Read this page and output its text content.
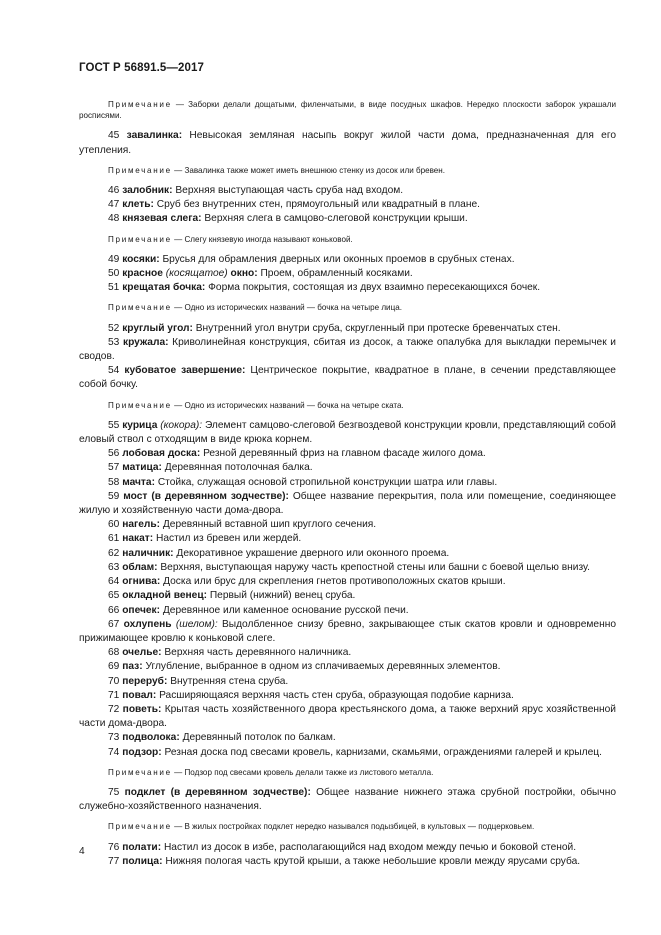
ГОСТ Р 56891.5—2017

Примечание — Заборки делали дощатыми, филенчатыми, в виде посудных шкафов. Нередко плоскости заборок украшали росписями.

45 завалинка: Невысокая земляная насыпь вокруг жилой части дома, предназначенная для его утепления.

Примечание — Завалинка также может иметь внешнюю стенку из досок или бревен.

46 залобник: Верхняя выступающая часть сруба над входом.

47 клеть: Сруб без внутренних стен, прямоугольный или квадратный в плане.

48 князевая слега: Верхняя слега в самцово-слеговой конструкции крыши.

Примечание — Слегу князевую иногда называют коньковой.

49 косяки: Брусья для обрамления дверных или оконных проемов в срубных стенах.

50 красное (косящатое) окно: Проем, обрамленный косяками.

51 крещатая бочка: Форма покрытия, состоящая из двух взаимно пересекающихся бочек.

Примечание — Одно из исторических названий — бочка на четыре лица.

52 круглый угол: Внутренний угол внутри сруба, скругленный при протеске бревенчатых стен.

53 кружала: Криволинейная конструкция, сбитая из досок, а также опалубка для выкладки перемычек и сводов.

54 кубоватое завершение: Центрическое покрытие, квадратное в плане, в сечении представляющее собой бочку.

Примечание — Одно из исторических названий — бочка на четыре ската.

55 курица (кокора): Элемент самцово-слеговой безгвоздевой конструкции кровли, представляющий собой еловый ствол с отходящим в виде крюка корнем.

56 лобовая доска: Резной деревянный фриз на главном фасаде жилого дома.

57 матица: Деревянная потолочная балка.

58 мачта: Стойка, служащая основой стропильной конструкции шатра или главы.

59 мост (в деревянном зодчестве): Общее название перекрытия, пола или помещение, соединяющее жилую и хозяйственную части дома-двора.

60 нагель: Деревянный вставной шип круглого сечения.

61 накат: Настил из бревен или жердей.

62 наличник: Декоративное украшение дверного или оконного проема.

63 облам: Верхняя, выступающая наружу часть крепостной стены или башни с боевой щелью внизу.

64 огнива: Доска или брус для скрепления гнетов противоположных скатов крыши.

65 окладной венец: Первый (нижний) венец сруба.

66 опечек: Деревянное или каменное основание русской печи.

67 охлупень (шелом): Выдолбленное снизу бревно, закрывающее стык скатов кровли и одновременно прижимающее кровлю к коньковой слеге.

68 очелье: Верхняя часть деревянного наличника.

69 паз: Углубление, выбранное в одном из сплачиваемых деревянных элементов.

70 переруб: Внутренняя стена сруба.

71 повал: Расширяющаяся верхняя часть стен сруба, образующая подобие карниза.

72 поветь: Крытая часть хозяйственного двора крестьянского дома, а также верхний ярус хозяйственной части дома-двора.

73 подволока: Деревянный потолок по балкам.

74 подзор: Резная доска под свесами кровель, карнизами, скамьями, ограждениями галерей и крылец.

Примечание — Подзор под свесами кровель делали также из листового металла.

75 подклет (в деревянном зодчестве): Общее название нижнего этажа срубной постройки, обычно служебно-хозяйственного назначения.

Примечание — В жилых постройках подклет нередко называлcя подызбицей, в культовых — подцерковьем.

76 полати: Настил из досок в избе, располагающийся над входом между печью и боковой стеной.

77 полица: Нижняя пологая часть крутой крыши, а также небольшие кровли между ярусами сруба.

4
